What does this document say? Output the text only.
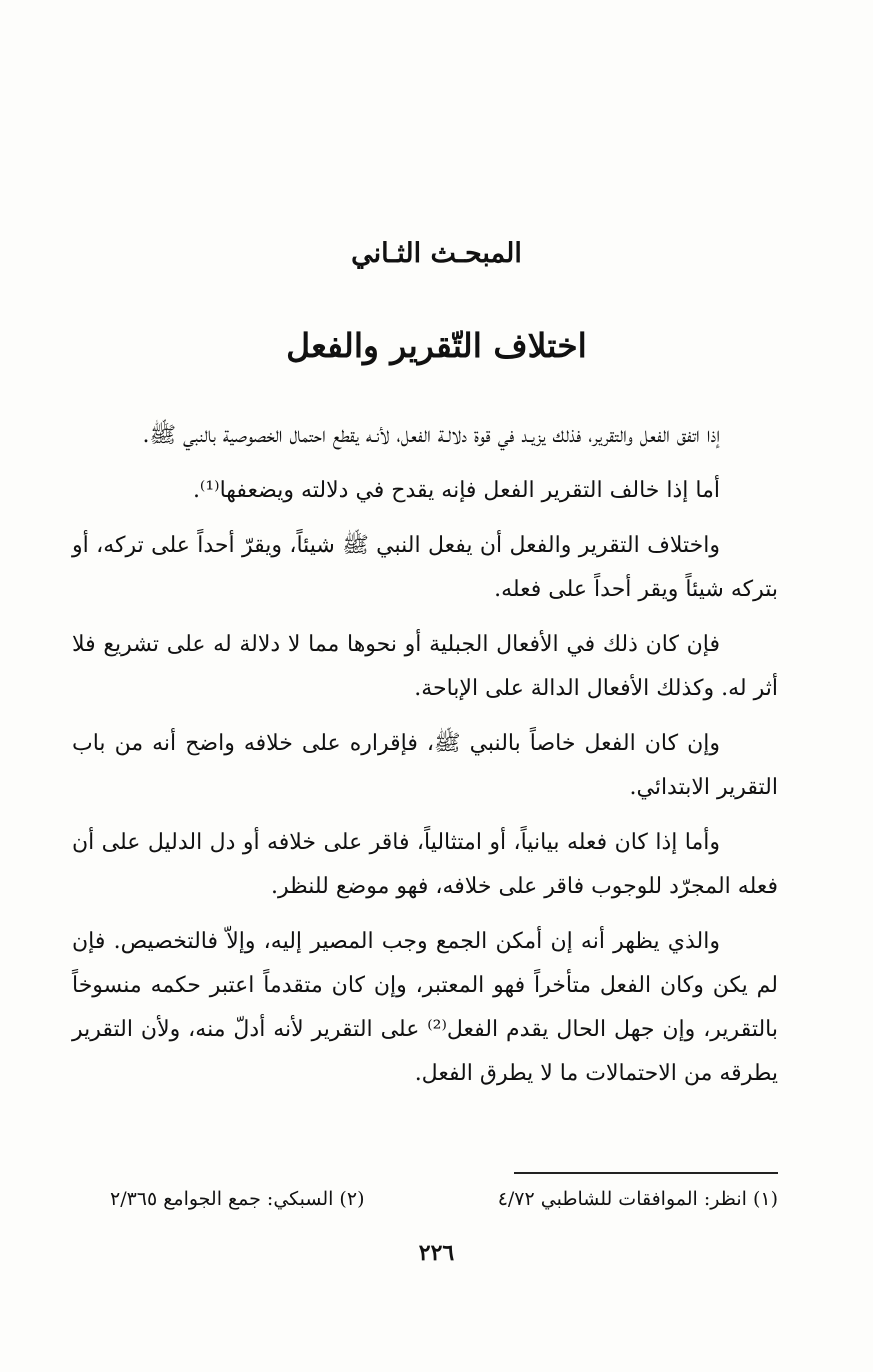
المبحـث الثـاني
اختلاف التّقرير والفعل

إذا اتفق الفعل والتقرير، فذلك يزيـد في قوة دلالـة الفعل، لأنـه يقطع احتمال الخصوصية بالنبي ﷺ.

أما إذا خالف التقرير الفعل فإنه يقدح في دلالته ويضعفها⁽¹⁾.

واختلاف التقرير والفعل أن يفعل النبي ﷺ شيئاً، ويقرّ أحداً على تركه، أو بتركه شيئاً ويقر أحداً على فعله.

فإن كان ذلك في الأفعال الجبلية أو نحوها مما لا دلالة له على تشريع فلا أثر له. وكذلك الأفعال الدالة على الإباحة.

وإن كان الفعل خاصاً بالنبي ﷺ، فإقراره على خلافه واضح أنه من باب التقرير الابتدائي.

وأما إذا كان فعله بيانياً، أو امتثالياً، فاقر على خلافه أو دل الدليل على أن فعله المجرّد للوجوب فاقر على خلافه، فهو موضع للنظر.

والذي يظهر أنه إن أمكن الجمع وجب المصير إليه، وإلاّ فالتخصيص. فإن لم يكن وكان الفعل متأخراً فهو المعتبر، وإن كان متقدماً اعتبر حكمه منسوخاً بالتقرير، وإن جهل الحال يقدم الفعل⁽²⁾ على التقرير لأنه أدلّ منه، ولأن التقرير يطرقه من الاحتمالات ما لا يطرق الفعل.

(١) انظر: الموافقات للشاطبي ٤/٧٢
(٢) السبكي: جمع الجوامع ٢/٣٦٥
٢٢٦
